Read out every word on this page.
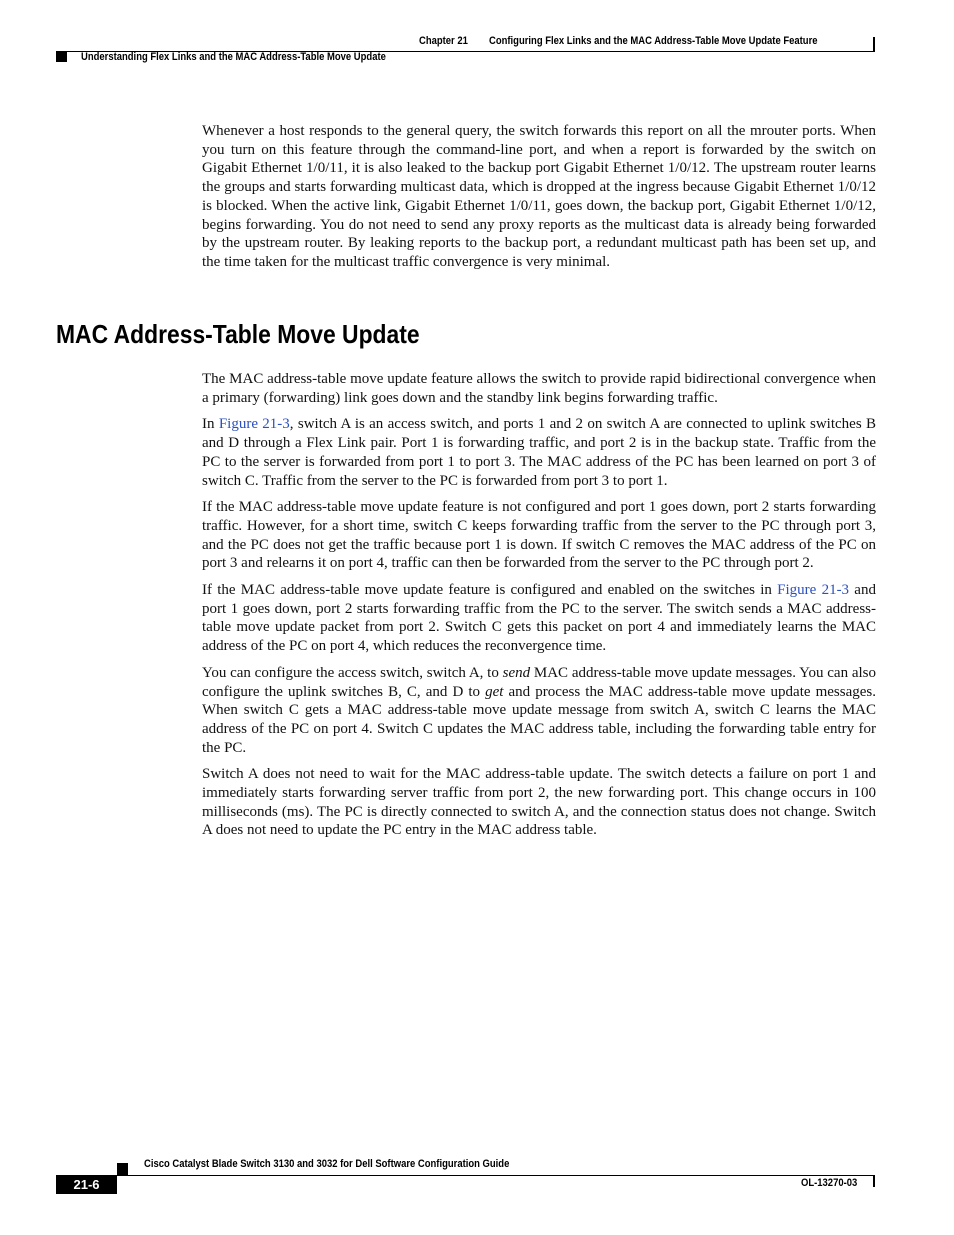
Chapter 21 Configuring Flex Links and the MAC Address-Table Move Update Feature
Understanding Flex Links and the MAC Address-Table Move Update

Whenever a host responds to the general query, the switch forwards this report on all the mrouter ports. When you turn on this feature through the command-line port, and when a report is forwarded by the switch on Gigabit Ethernet 1/0/11, it is also leaked to the backup port Gigabit Ethernet 1/0/12. The upstream router learns the groups and starts forwarding multicast data, which is dropped at the ingress because Gigabit Ethernet 1/0/12 is blocked. When the active link, Gigabit Ethernet 1/0/11, goes down, the backup port, Gigabit Ethernet 1/0/12, begins forwarding. You do not need to send any proxy reports as the multicast data is already being forwarded by the upstream router. By leaking reports to the backup port, a redundant multicast path has been set up, and the time taken for the multicast traffic convergence is very minimal.

MAC Address-Table Move Update

The MAC address-table move update feature allows the switch to provide rapid bidirectional convergence when a primary (forwarding) link goes down and the standby link begins forwarding traffic.

In Figure 21-3, switch A is an access switch, and ports 1 and 2 on switch A are connected to uplink switches B and D through a Flex Link pair. Port 1 is forwarding traffic, and port 2 is in the backup state. Traffic from the PC to the server is forwarded from port 1 to port 3. The MAC address of the PC has been learned on port 3 of switch C. Traffic from the server to the PC is forwarded from port 3 to port 1.

If the MAC address-table move update feature is not configured and port 1 goes down, port 2 starts forwarding traffic. However, for a short time, switch C keeps forwarding traffic from the server to the PC through port 3, and the PC does not get the traffic because port 1 is down. If switch C removes the MAC address of the PC on port 3 and relearns it on port 4, traffic can then be forwarded from the server to the PC through port 2.

If the MAC address-table move update feature is configured and enabled on the switches in Figure 21-3 and port 1 goes down, port 2 starts forwarding traffic from the PC to the server. The switch sends a MAC address-table move update packet from port 2. Switch C gets this packet on port 4 and immediately learns the MAC address of the PC on port 4, which reduces the reconvergence time.

You can configure the access switch, switch A, to send MAC address-table move update messages. You can also configure the uplink switches B, C, and D to get and process the MAC address-table move update messages. When switch C gets a MAC address-table move update message from switch A, switch C learns the MAC address of the PC on port 4. Switch C updates the MAC address table, including the forwarding table entry for the PC.

Switch A does not need to wait for the MAC address-table update. The switch detects a failure on port 1 and immediately starts forwarding server traffic from port 2, the new forwarding port. This change occurs in 100 milliseconds (ms). The PC is directly connected to switch A, and the connection status does not change. Switch A does not need to update the PC entry in the MAC address table.

Cisco Catalyst Blade Switch 3130 and 3032 for Dell Software Configuration Guide
21-6	OL-13270-03
